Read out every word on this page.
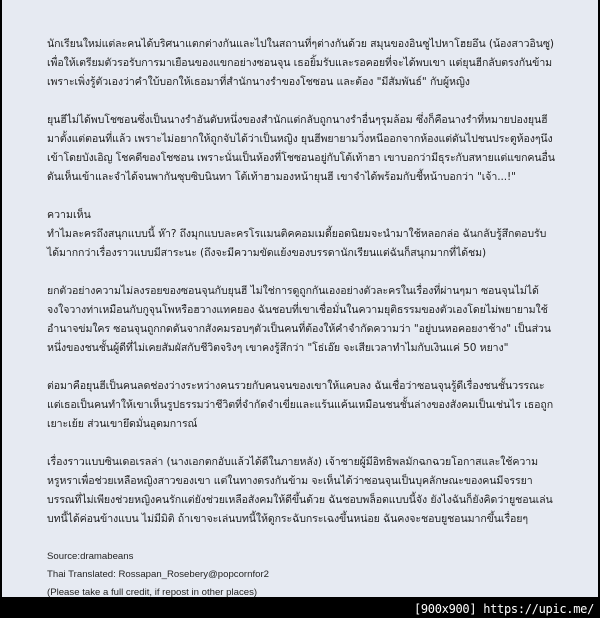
นักเรียนใหม่แต่ละคนได้บริศนาแตกต่างกันและไปในสถานที่ๆต่างกันด้วย สมุนของอินซูไปหาโฮยอึน (น้องสาวอินซู) เพื่อให้เตรียมตัวรอรับการมาเยือนของแขกอย่างซอนจุน เธอยิ้มรับและรอคอยที่จะได้พบเขา แต่ยุนฮีกลับตรงกันข้ามเพราะเพิ่งรู้ตัวเองว่าคำใบ้บอกให้เธอมาที่สำนักนางรำของโชซอน และต้อง "มีสัมพันธ์" กับผู้หญิง

ยุนฮีไม่ได้พบโชซอนซึ่งเป็นนางรำอันดับหนึ่งของสำนักแต่กลับถูกนางรำอื่นๆรุมล้อม ซึ่งก็คือนางรำที่หมายปองยุนฮีมาตั้งแต่ตอนที่แล้ว เพราะไม่อยากให้ถูกจับได้ว่าเป็นหญิง ยุนฮีพยายามวิ่งหนีออกจากห้องแต่ดันไปชนประตูห้องๆนึงเข้าโดยบังเอิญ โชคดีของโชซอน เพราะนั่นเป็นห้องที่โชซอนอยู่กับโต้เท้าฮา เขาบอกว่ามีธุระกับสหายแต่แขกคนอื่นดันเห็นเข้าและจำได้จนพากันซุบซิบนินทา โต้เท้าฮามองหน้ายุนฮี เขาจำได้พร้อมกับชี้หน้าบอกว่า "เจ้า...!"

ความเห็น

ทำไมละครถึงสนุกแบบนี้ ห๊า? ถึงมุกแบบละครโรแมนติคคอมเมดี้ยอดนิยมจะนำมาใช้หลอกล่อ ฉันกลับรู้สึกตอบรับได้มากกว่าเรื่องราวแบบมีสาระนะ (ถึงจะมีความขัดแย้งของบรรดานักเรียนแต่ฉันก็สนุกมากที่ได้ชม)

ยกตัวอย่างความไม่ลงรอยของซอนจุนกับยุนฮี ไม่ใช่การดูถูกกันเองอย่างตัวละครในเรื่องที่ผ่านๆมา ซอนจุนไม่ได้จงใจวางท่าเหมือนกับกูจุนโพหรือฮวางแทคยอง ฉันชอบที่เขาเชื่อมั่นในความยุติธรรมของตัวเองโดยไม่พยายามใช้อำนาจข่มใคร ซอนจุนถูกกดดันจากสังคมรอบๆตัวเป็นคนที่ต้องให้คำจำกัดความว่า "อยู่บนหอคอยงาช้าง" เป็นส่วนหนึ่งของชนชั้นผู้ดีที่ไม่เคยสัมผัสกับชีวิตจริงๆ เขาคงรู้สึกว่า "โธ่เอ๊ย จะเสียเวลาทำไมกับเงินแค่ 50 หยาง"

ต่อมาคือยุนฮีเป็นคนลดช่องว่างระหว่างคนรวยกับคนจนของเขาให้แคบลง ฉันเชื่อว่าซอนจุนรู้ดีเรื่องชนชั้นวรรณะ แต่เธอเป็นคนทำให้เขาเห็นรูปธรรมว่าชีวิตที่จำกัดจำเขี่ยและแร้นแค้นเหมือนชนชั้นล่างของสังคมเป็นเช่นไร เธอถูกเยาะเย้ย ส่วนเขายึดมั่นอุดมการณ์

เรื่องราวแบบซินเดอเรลล่า (นางเอกตกอับแล้วได้ดีในภายหลัง) เจ้าชายผู้มีอิทธิพลมักฉกฉวยโอกาสและใช้ความหรูหราเพื่อช่วยเหลือหญิงสาวของเขา แต่ในทางตรงกันข้าม จะเห็นได้ว่าซอนจุนเป็นบุคลักษณะของคนมีจรรยาบรรณที่ไม่เพียงช่วยหญิงคนรักแต่ยังช่วยเหลือสังคมให้ดีขึ้นด้วย ฉันชอบพล็อตแบบนี้จัง ยังไงฉันก็ยังคิดว่ายูชอนเล่นบทนี้ได้ค่อนข้างแบน ไม่มีมิติ ถ้าเขาจะเล่นบทนี้ให้ดูกระฉับกระเฉงขึ้นหน่อย ฉันคงจะชอบยูชอนมากขึ้นเรื่อยๆ

Source:dramabeans
Thai Translated: Rossapan_Rosebery@popcornfor2
(Please take a full credit, if repost in other places)
[900x900] https://upic.me/
